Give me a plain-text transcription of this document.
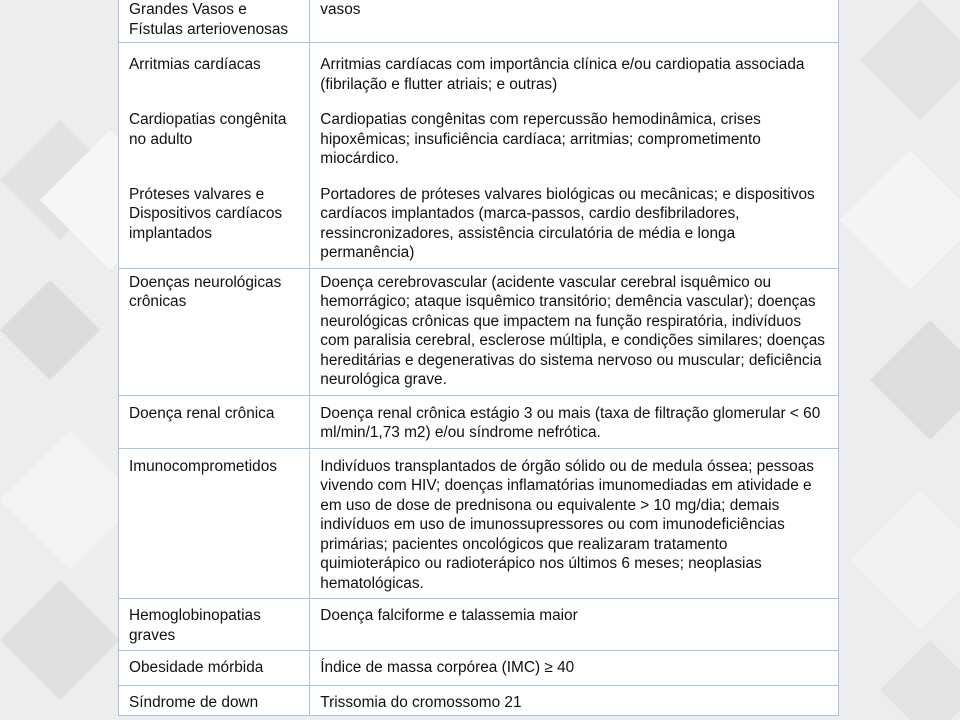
Grandes Vasos e Fístulas arteriovenosas	vasos
Arritmias cardíacas	Arritmias cardíacas com importância clínica e/ou cardiopatia associada (fibrilação e flutter atriais; e outras)
Cardiopatias congênita no adulto	Cardiopatias congênitas com repercussão hemodinâmica, crises hipoxêmicas; insuficiência cardíaca; arritmias; comprometimento miocárdico.
Próteses valvares e Dispositivos cardíacos implantados	Portadores de próteses valvares biológicas ou mecânicas; e dispositivos cardíacos implantados (marca-passos, cardio desfibriladores, ressincronizadores, assistência circulatória de média e longa permanência)
Doenças neurológicas crônicas	Doença cerebrovascular (acidente vascular cerebral isquêmico ou hemorrágico; ataque isquêmico transitório; demência vascular); doenças neurológicas crônicas que impactem na função respiratória, indivíduos com paralisia cerebral, esclerose múltipla, e condições similares; doenças hereditárias e degenerativas do sistema nervoso ou muscular; deficiência neurológica grave.
Doença renal crônica	Doença renal crônica estágio 3 ou mais (taxa de filtração glomerular < 60 ml/min/1,73 m2) e/ou síndrome nefrótica.
Imunocomprometidos	Indivíduos transplantados de órgão sólido ou de medula óssea; pessoas vivendo com HIV; doenças inflamatórias imunomediadas em atividade e em uso de dose de prednisona ou equivalente > 10 mg/dia; demais indivíduos em uso de imunossupressores ou com imunodeficiências primárias; pacientes oncológicos que realizaram tratamento quimioterápico ou radioterápico nos últimos 6 meses; neoplasias hematológicas.
Hemoglobinopatias graves	Doença falciforme e talassemia maior
Obesidade mórbida	Índice de massa corpórea (IMC) ≥ 40
Síndrome de down	Trissomia do cromossomo 21
